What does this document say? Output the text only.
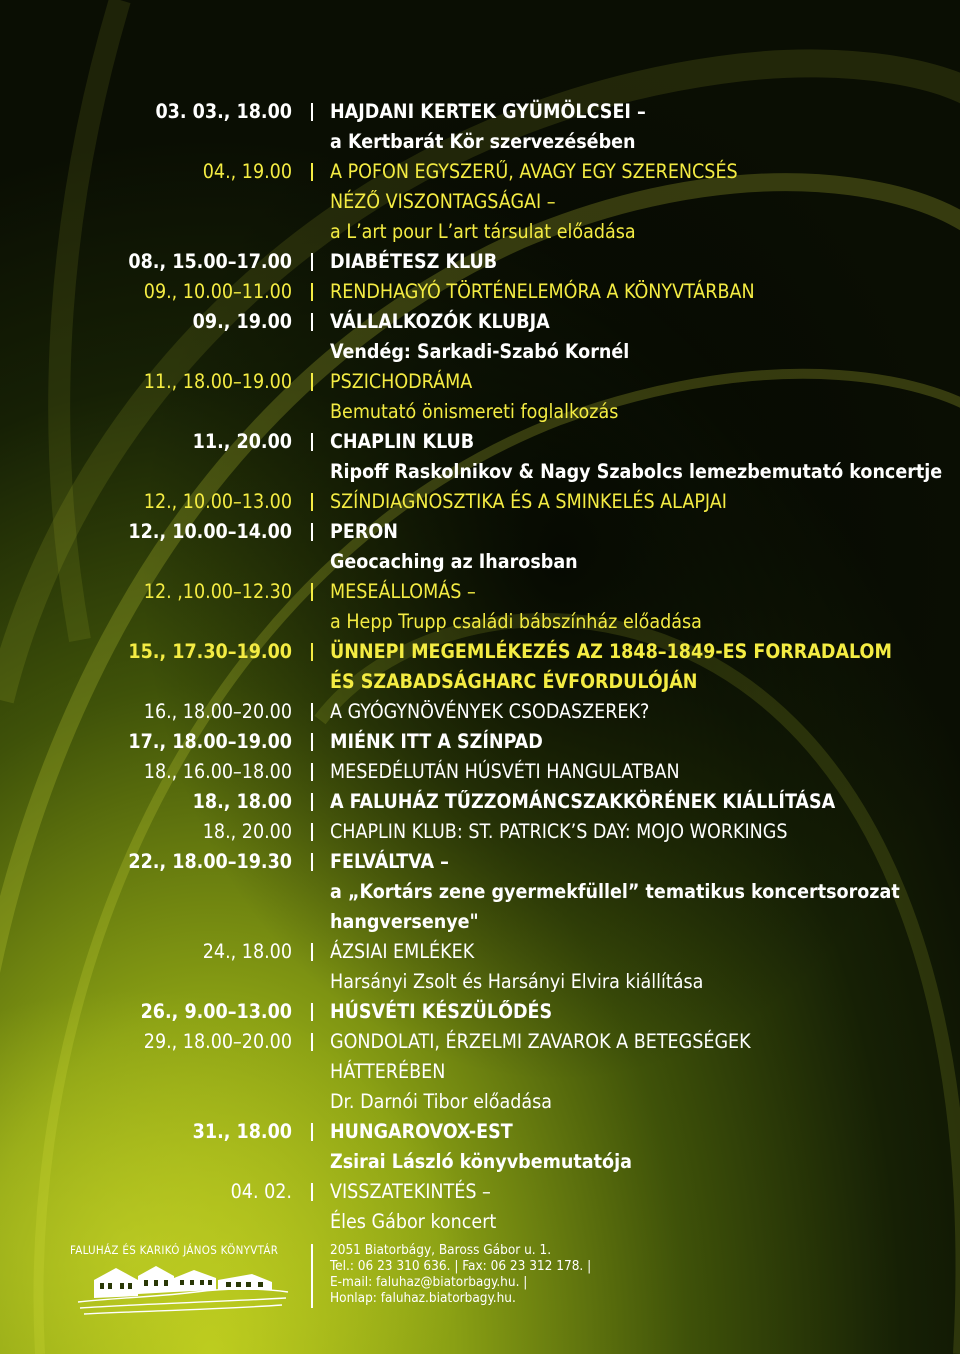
03. 03., 18.00 HAJDANI KERTEK GYÜMÖLCSEI –
a Kertbarát Kör szervezésében
04., 19.00 A POFON EGYSZERŰ, AVAGY EGY SZERENCSÉS
NÉZŐ VISZONTAGSÁGAI –
a L’art pour L’art társulat előadása
08., 15.00–17.00 DIABÉTESZ KLUB
09., 10.00–11.00 RENDHAGYÓ TÖRTÉNELEMÓRA A KÖNYVTÁRBAN
09., 19.00 VÁLLALKOZÓK KLUBJA
Vendég: Sarkadi-Szabó Kornél
11., 18.00–19.00 PSZICHODRÁMA
Bemutató önismereti foglalkozás
11., 20.00 CHAPLIN KLUB
Ripoff Raskolnikov & Nagy Szabolcs lemezbemutató koncertje
12., 10.00–13.00 SZÍNDIAGNOSZTIKA ÉS A SMINKELÉS ALAPJAI
12., 10.00–14.00 PERON
Geocaching az Iharosban
12. ,10.00–12.30 MESEÁLLOMÁS –
a Hepp Trupp családi bábszínház előadása
15., 17.30–19.00 ÜNNEPI MEGEMLÉKEZÉS AZ 1848–1849-ES FORRADALOM
ÉS SZABADSÁGHARC ÉVFORDULÓJÁN
16., 18.00–20.00 A GYÓGYNÖVÉNYEK CSODASZEREK?
17., 18.00–19.00 MIÉNK ITT A SZÍNPAD
18., 16.00–18.00 MESEDÉLUTÁN HÚSVÉTI HANGULATBAN
18., 18.00 A FALUHÁZ TŰZZOMÁNCSZAKKÖRÉNEK KIÁLLÍTÁSA
18., 20.00 CHAPLIN KLUB: ST. PATRICK’S DAY: MOJO WORKINGS
22., 18.00–19.30 FELVÁLTVA –
a „Kortárs zene gyermekfüllel” tematikus koncertsorozat
hangversenye"
24., 18.00 ÁZSIAI EMLÉKEK
Harsányi Zsolt és Harsányi Elvira kiállítása
26., 9.00–13.00 HÚSVÉTI KÉSZÜLŐDÉS
29., 18.00–20.00 GONDOLATI, ÉRZELMI ZAVAROK A BETEGSÉGEK
HÁTTERÉBEN
Dr. Darnói Tibor előadása
31., 18.00 HUNGAROVOX-EST
Zsirai László könyvbemutatója
04. 02. VISSZATEKINTÉS –
Éles Gábor koncert
FALUHÁZ ÉS KARIKÓ JÁNOS KÖNYVTÁR	2051 Biatorbágy, Baross Gábor u. 1.
Tel.: 06 23 310 636. | Fax: 06 23 312 178. |
E-mail: faluhaz@biatorbagy.hu. |
Honlap: faluhaz.biatorbagy.hu.
